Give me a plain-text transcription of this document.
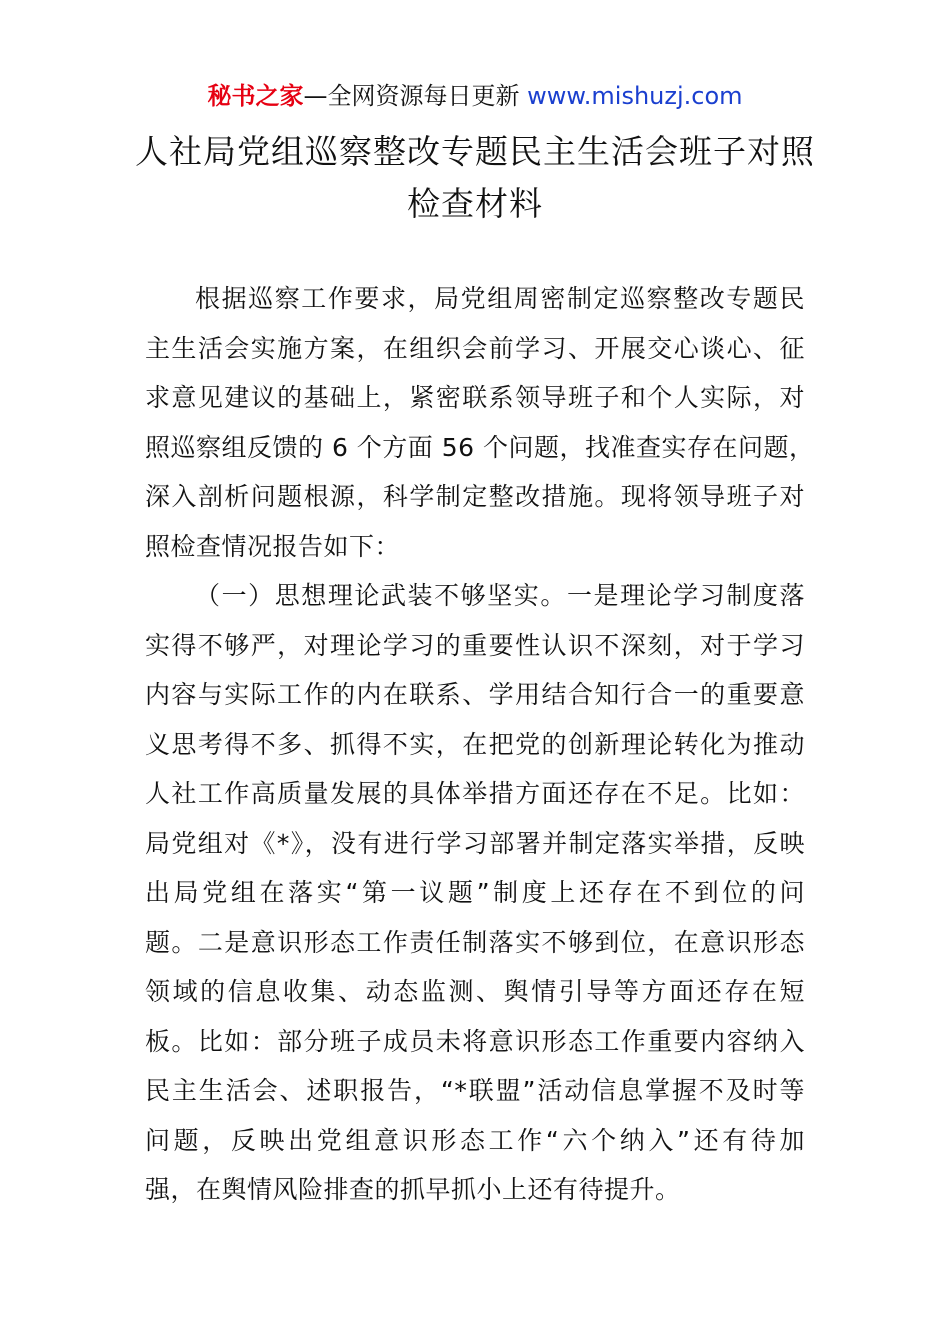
秘书之家—全网资源每日更新 www.mishuzj.com
人社局党组巡察整改专题民主生活会班子对照
检查材料
根据巡察工作要求，局党组周密制定巡察整改专题民
主生活会实施方案，在组织会前学习、开展交心谈心、征
求意见建议的基础上，紧密联系领导班子和个人实际，对
照巡察组反馈的 6 个方面 56 个问题，找准查实存在问题，
深入剖析问题根源，科学制定整改措施。现将领导班子对
照检查情况报告如下：
（一）思想理论武装不够坚实。一是理论学习制度落
实得不够严，对理论学习的重要性认识不深刻，对于学习
内容与实际工作的内在联系、学用结合知行合一的重要意
义思考得不多、抓得不实，在把党的创新理论转化为推动
人社工作高质量发展的具体举措方面还存在不足。比如：
局党组对《*》，没有进行学习部署并制定落实举措，反映
出局党组在落实“第一议题”制度上还存在不到位的问
题。二是意识形态工作责任制落实不够到位，在意识形态
领域的信息收集、动态监测、舆情引导等方面还存在短
板。比如：部分班子成员未将意识形态工作重要内容纳入
民主生活会、述职报告，“*联盟”活动信息掌握不及时等
问题，反映出党组意识形态工作“六个纳入”还有待加
强，在舆情风险排查的抓早抓小上还有待提升。
